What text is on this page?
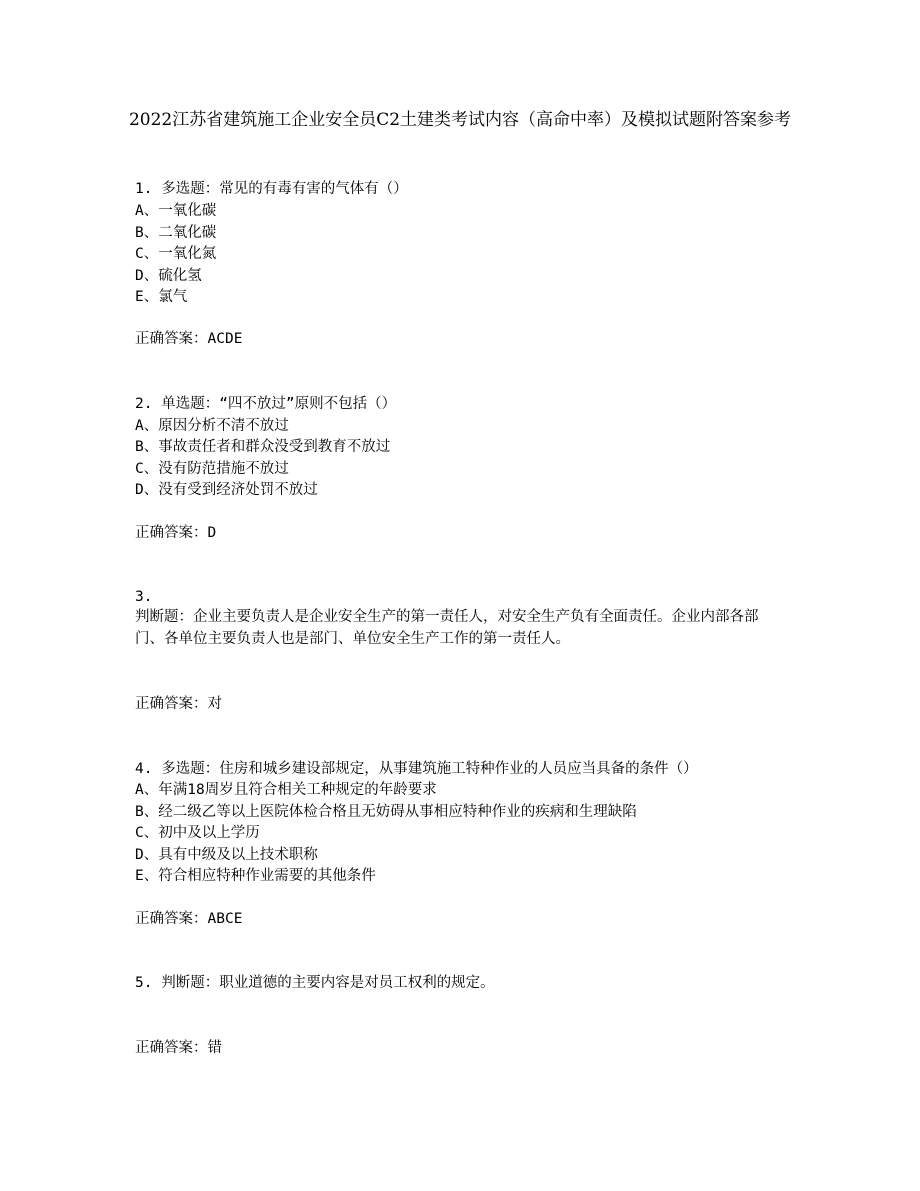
2022江苏省建筑施工企业安全员C2土建类考试内容（高命中率）及模拟试题附答案参考
1. 多选题：常见的有毒有害的气体有（）
A、一氧化碳
B、二氧化碳
C、一氧化氮
D、硫化氢
E、氯气
正确答案：ACDE
2. 单选题：“四不放过”原则不包括（）
A、原因分析不清不放过
B、事故责任者和群众没受到教育不放过
C、没有防范措施不放过
D、没有受到经济处罚不放过
正确答案：D
3.
判断题：企业主要负责人是企业安全生产的第一责任人，对安全生产负有全面责任。企业内部各部门、各单位主要负责人也是部门、单位安全生产工作的第一责任人。
正确答案：对
4. 多选题：住房和城乡建设部规定，从事建筑施工特种作业的人员应当具备的条件（）
A、年满18周岁且符合相关工种规定的年龄要求
B、经二级乙等以上医院体检合格且无妨碍从事相应特种作业的疾病和生理缺陷
C、初中及以上学历
D、具有中级及以上技术职称
E、符合相应特种作业需要的其他条件
正确答案：ABCE
5. 判断题：职业道德的主要内容是对员工权利的规定。
正确答案：错
